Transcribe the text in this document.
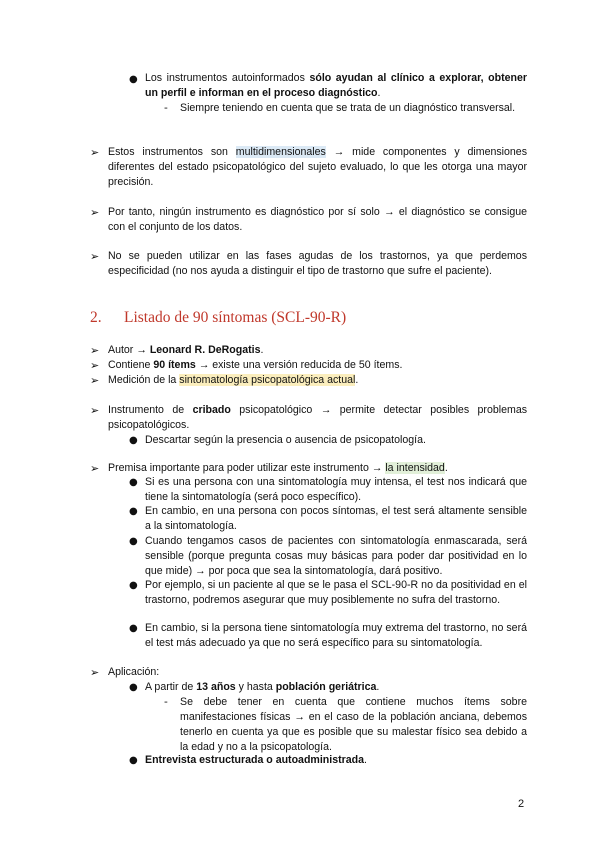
● Los instrumentos autoinformados sólo ayudan al clínico a explorar, obtener un perfil e informan en el proceso diagnóstico.
- Siempre teniendo en cuenta que se trata de un diagnóstico transversal.
➢ Estos instrumentos son multidimensionales → mide componentes y dimensiones diferentes del estado psicopatológico del sujeto evaluado, lo que les otorga una mayor precisión.
➢ Por tanto, ningún instrumento es diagnóstico por sí solo → el diagnóstico se consigue con el conjunto de los datos.
➢ No se pueden utilizar en las fases agudas de los trastornos, ya que perdemos especificidad (no nos ayuda a distinguir el tipo de trastorno que sufre el paciente).
2. Listado de 90 síntomas (SCL-90-R)
➢ Autor → Leonard R. DeRogatis.
➢ Contiene 90 ítems → existe una versión reducida de 50 ítems.
➢ Medición de la sintomatología psicopatológica actual.
➢ Instrumento de cribado psicopatológico → permite detectar posibles problemas psicopatológicos.
● Descartar según la presencia o ausencia de psicopatología.
➢ Premisa importante para poder utilizar este instrumento → la intensidad.
● Si es una persona con una sintomatología muy intensa, el test nos indicará que tiene la sintomatología (será poco específico).
● En cambio, en una persona con pocos síntomas, el test será altamente sensible a la sintomatología.
● Cuando tengamos casos de pacientes con sintomatología enmascarada, será sensible (porque pregunta cosas muy básicas para poder dar positividad en lo que mide) → por poca que sea la sintomatología, dará positivo.
● Por ejemplo, si un paciente al que se le pasa el SCL-90-R no da positividad en el trastorno, podremos asegurar que muy posiblemente no sufra del trastorno.
● En cambio, si la persona tiene sintomatología muy extrema del trastorno, no será el test más adecuado ya que no será específico para su sintomatología.
➢ Aplicación:
● A partir de 13 años y hasta población geriátrica.
- Se debe tener en cuenta que contiene muchos ítems sobre manifestaciones físicas → en el caso de la población anciana, debemos tenerlo en cuenta ya que es posible que su malestar físico sea debido a la edad y no a la psicopatología.
● Entrevista estructurada o autoadministrada.
2
